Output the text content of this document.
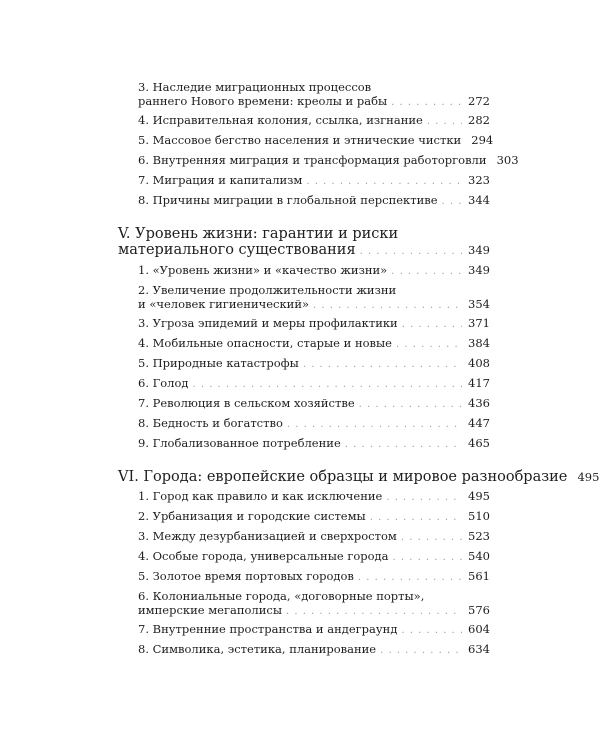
3. Наследие миграционных процессов
раннего Нового времени: креолы и рабы . . .	272
4. Исправительная колония, ссылка, изгнание . . .	282
5. Массовое бегство населения и этнические чистки 294
6. Внутренняя миграция и трансформация работорговли 303
7. Миграция и капитализм . . .	323
8. Причины миграции в глобальной перспективе . . .	344
V. Уровень жизни: гарантии и риски
материального существования . . .	349
1. «Уровень жизни» и «качество жизни» . . .	349
2. Увеличение продолжительности жизни
и «человек гигиенический» . . .	354
3. Угроза эпидемий и меры профилактики . . .	371
4. Мобильные опасности, старые и новые . . .	384
5. Природные катастрофы . . .	408
6. Голод . . .	417
7. Революция в сельском хозяйстве . . .	436
8. Бедность и богатство . . .	447
9. Глобализованное потребление . . .	465
VI. Города: европейские образцы и мировое разнообразие 495
1. Город как правило и как исключение . . .	495
2. Урбанизация и городские системы . . .	510
3. Между дезурбанизацией и сверхростом . . .	523
4. Особые города, универсальные города . . .	540
5. Золотое время портовых городов . . .	561
6. Колониальные города, «договорные порты»,
имперские мегаполисы . . .	576
7. Внутренние пространства и андеграунд . . .	604
8. Символика, эстетика, планирование . . .	634
